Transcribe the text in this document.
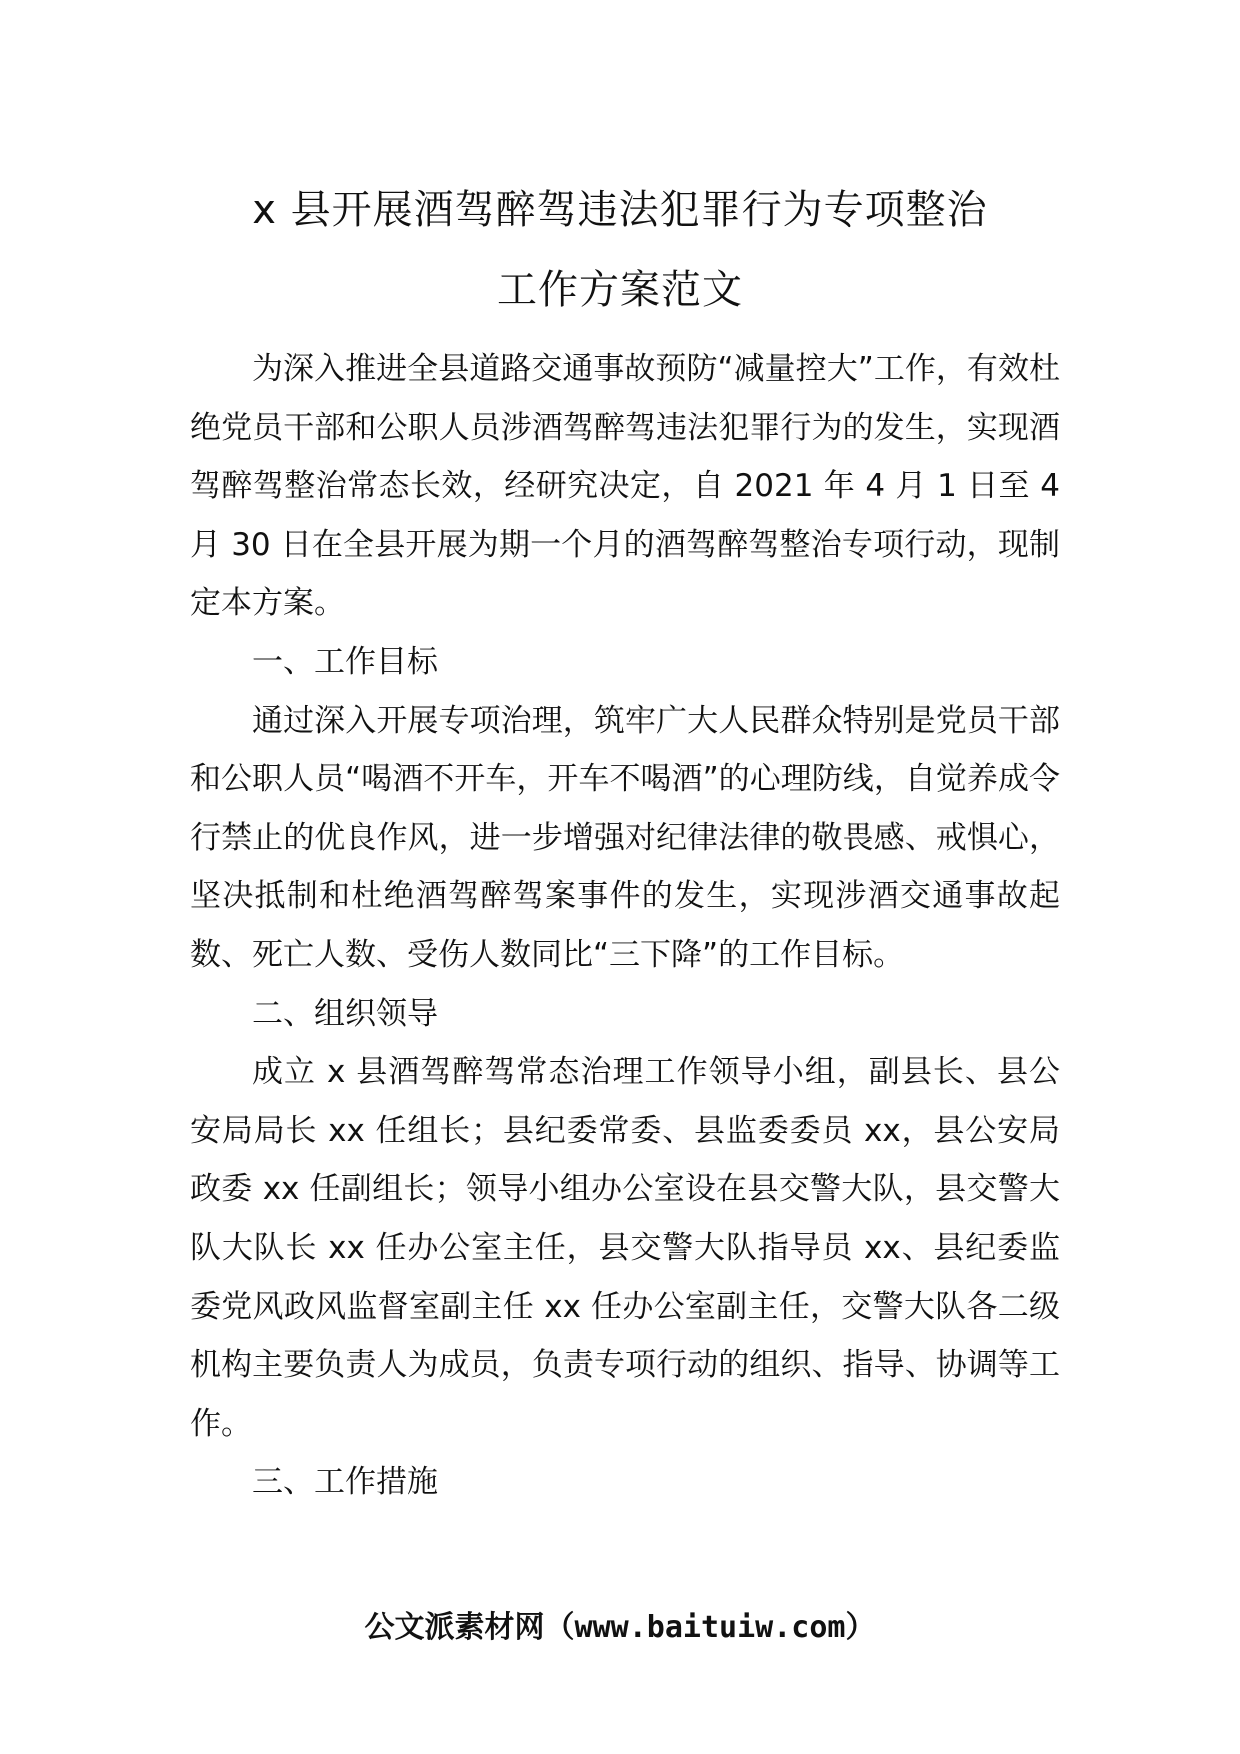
x 县开展酒驾醉驾违法犯罪行为专项整治

工作方案范文

为深入推进全县道路交通事故预防“减量控大”工作，有效杜绝党员干部和公职人员涉酒驾醉驾违法犯罪行为的发生，实现酒驾醉驾整治常态长效，经研究决定，自 2021 年 4 月 1 日至 4 月 30 日在全县开展为期一个月的酒驾醉驾整治专项行动，现制定本方案。

一、工作目标

通过深入开展专项治理，筑牢广大人民群众特别是党员干部和公职人员“喝酒不开车，开车不喝酒”的心理防线，自觉养成令行禁止的优良作风，进一步增强对纪律法律的敬畏感、戒惧心，坚决抵制和杜绝酒驾醉驾案事件的发生，实现涉酒交通事故起数、死亡人数、受伤人数同比“三下降”的工作目标。

二、组织领导

成立 x 县酒驾醉驾常态治理工作领导小组，副县长、县公安局局长 xx 任组长；县纪委常委、县监委委员 xx，县公安局政委 xx 任副组长；领导小组办公室设在县交警大队，县交警大队大队长 xx 任办公室主任，县交警大队指导员 xx、县纪委监委党风政风监督室副主任 xx 任办公室副主任，交警大队各二级机构主要负责人为成员，负责专项行动的组织、指导、协调等工作。

三、工作措施

公文派素材网（www.baituiw.com）
